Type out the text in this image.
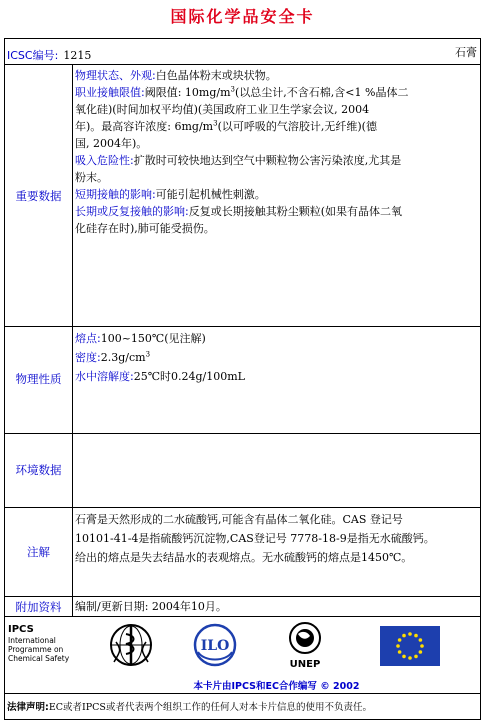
国际化学品安全卡
ICSC编号: 1215	石膏
重要数据
物理状态、外观:白色晶体粉末或块状物。
职业接触限值:阈限值: $10mg/m^3$(以总尘计,不含石棉,含<1 %晶体二
氧化硅)(时间加权平均值)(美国政府工业卫生学家会议, 2004
年)。最高容许浓度: $6mg/m^3$(以可呼吸的气溶胶计,无纤维)(德
国, 2004年)。
吸入危险性:扩散时可较快地达到空气中颗粒物公害污染浓度,尤其是
粉末。
短期接触的影响:可能引起机械性刺激。
长期或反复接触的影响:反复或长期接触其粉尘颗粒(如果有晶体二氧
化硅存在时),肺可能受损伤。
物理性质
熔点:100~150℃(见注解)
密度$:2.3g/cm^3$
水中溶解度:25℃时0.24g/100mL
环境数据
注解
石膏是天然形成的二水硫酸钙,可能含有晶体二氧化硅。CAS 登记号
10101-41-4是指硫酸钙沉淀物,CAS登记号 7778-18-9是指无水硫酸钙。
给出的熔点是失去结晶水的表观熔点。无水硫酸钙的熔点是1450℃。
附加资料	编制/更新日期: 2004年10月。
IPCS
International
Programme on
Chemical Safety
ILO
UNEP
本卡片由IPCS和EC合作编写 © 2002
法律声明:EC或者IPCS或者代表两个组织工作的任何人对本卡片信息的使用不负责任。
